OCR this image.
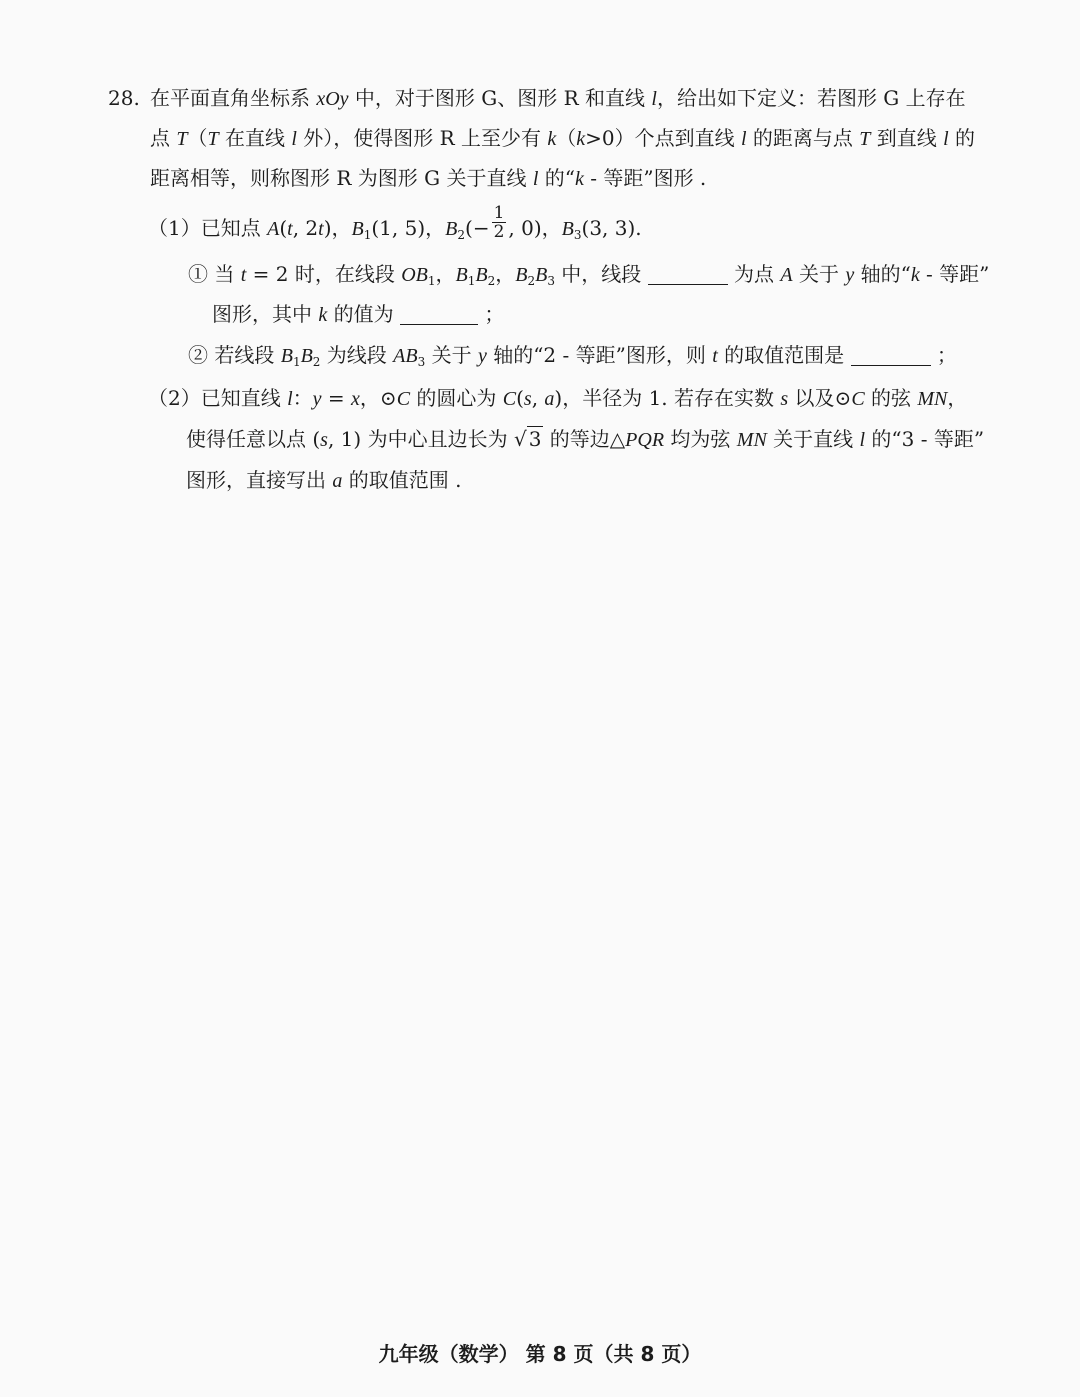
28. 在平面直角坐标系 xOy 中，对于图形 G、图形 R 和直线 l，给出如下定义：若图形 G 上存在
点 T（T 在直线 l 外），使得图形 R 上至少有 k（k>0）个点到直线 l 的距离与点 T 到直线 l 的
距离相等，则称图形 R 为图形 G 关于直线 l 的“k - 等距”图形 .
（1）已知点 A(t, 2t)，$B_1(1$, 5)，$B_2(- \frac{1}{2}$ , 0)，$B_3(3$, 3).
① 当 t = 2 时，在线段 $OB_1$，$B_1B_2$，$B_2B_3$ 中，线段	为点 A 关于 y 轴的“k - 等距”
图形，其中 k 的值为	；
② 若线段 $B_1B_2$ 为线段 $AB_3$ 关于 y 轴的“2 - 等距”图形，则 t 的取值范围是	；
（2）已知直线 l：y = x，⊙C 的圆心为 C(s, a)，半径为 1. 若存在实数 s 以及⊙C 的弦 MN，
使得任意以点 (s, 1) 为中心且边长为 √ 3 的等边△PQR 均为弦 MN 关于直线 l 的“3 - 等距”
图形，直接写出 a 的取值范围 .
九年级（数学） 第 8 页（共 8 页）
